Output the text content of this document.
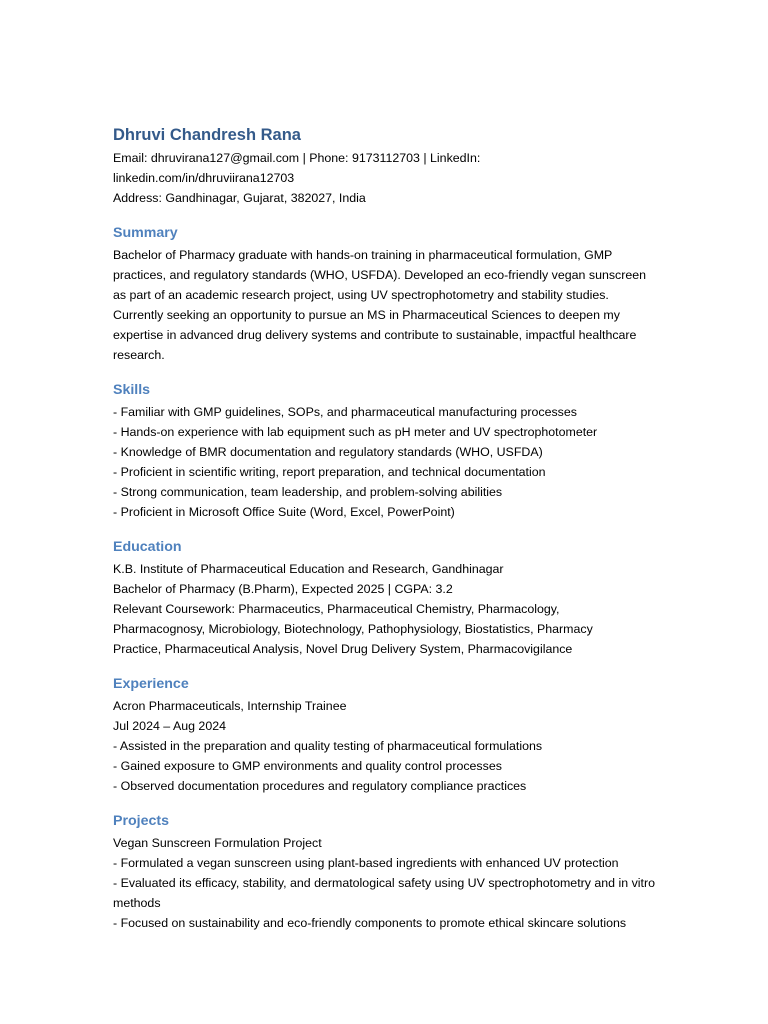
Dhruvi Chandresh Rana
Email: dhruvirana127@gmail.com | Phone: 9173112703 | LinkedIn: linkedin.com/in/dhruviirana12703
Address: Gandhinagar, Gujarat, 382027, India
Summary
Bachelor of Pharmacy graduate with hands-on training in pharmaceutical formulation, GMP practices, and regulatory standards (WHO, USFDA). Developed an eco-friendly vegan sunscreen as part of an academic research project, using UV spectrophotometry and stability studies. Currently seeking an opportunity to pursue an MS in Pharmaceutical Sciences to deepen my expertise in advanced drug delivery systems and contribute to sustainable, impactful healthcare research.
Skills
- Familiar with GMP guidelines, SOPs, and pharmaceutical manufacturing processes
- Hands-on experience with lab equipment such as pH meter and UV spectrophotometer
- Knowledge of BMR documentation and regulatory standards (WHO, USFDA)
- Proficient in scientific writing, report preparation, and technical documentation
- Strong communication, team leadership, and problem-solving abilities
- Proficient in Microsoft Office Suite (Word, Excel, PowerPoint)
Education
K.B. Institute of Pharmaceutical Education and Research, Gandhinagar
Bachelor of Pharmacy (B.Pharm), Expected 2025 | CGPA: 3.2
Relevant Coursework: Pharmaceutics, Pharmaceutical Chemistry, Pharmacology, Pharmacognosy, Microbiology, Biotechnology, Pathophysiology, Biostatistics, Pharmacy Practice, Pharmaceutical Analysis, Novel Drug Delivery System, Pharmacovigilance
Experience
Acron Pharmaceuticals, Internship Trainee
Jul 2024 – Aug 2024
- Assisted in the preparation and quality testing of pharmaceutical formulations
- Gained exposure to GMP environments and quality control processes
- Observed documentation procedures and regulatory compliance practices
Projects
Vegan Sunscreen Formulation Project
- Formulated a vegan sunscreen using plant-based ingredients with enhanced UV protection
- Evaluated its efficacy, stability, and dermatological safety using UV spectrophotometry and in vitro methods
- Focused on sustainability and eco-friendly components to promote ethical skincare solutions
